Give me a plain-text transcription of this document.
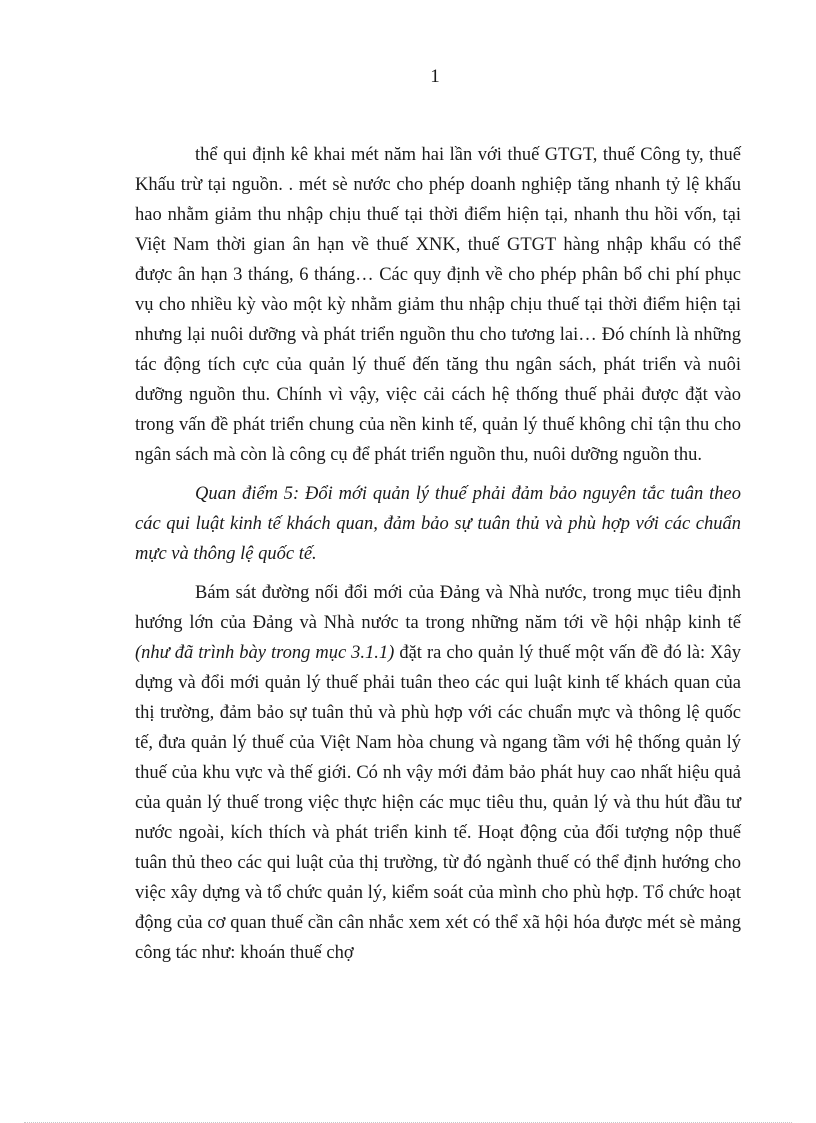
1

thể qui định kê khai mét năm hai lần với thuế GTGT, thuế Công ty, thuế Khấu trừ tại nguồn. . mét sè nước cho phép doanh nghiệp tăng nhanh tỷ lệ khấu hao nhằm giảm thu nhập chịu thuế tại thời điểm hiện tại, nhanh thu hồi vốn, tại Việt Nam thời gian ân hạn về thuế XNK, thuế GTGT hàng nhập khẩu có thể được ân hạn 3 tháng, 6 tháng… Các quy định về cho phép phân bổ chi phí phục vụ cho nhiều kỳ vào một kỳ nhằm giảm thu nhập chịu thuế tại thời điểm hiện tại nhưng lại nuôi dưỡng và phát triển nguồn thu cho tương lai… Đó chính là những tác động tích cực của quản lý thuế đến tăng thu ngân sách, phát triển và nuôi dưỡng nguồn thu. Chính vì vậy, việc cải cách hệ thống thuế phải được đặt vào trong vấn đề phát triển chung của nền kinh tế, quản lý thuế không chỉ tận thu cho ngân sách mà còn là công cụ để phát triển nguồn thu, nuôi dưỡng nguồn thu.

Quan điểm 5: Đổi mới quản lý thuế phải đảm bảo nguyên tắc tuân theo các qui luật kinh tế khách quan, đảm bảo sự tuân thủ và phù hợp với các chuẩn mực và thông lệ quốc tế.

Bám sát đường nối đổi mới của Đảng và Nhà nước, trong mục tiêu định hướng lớn của Đảng và Nhà nước ta trong những năm tới về hội nhập kinh tế (như đã trình bày trong mục 3.1.1) đặt ra cho quản lý thuế một vấn đề đó là: Xây dựng và đổi mới quản lý thuế phải tuân theo các qui luật kinh tế khách quan của thị trường, đảm bảo sự tuân thủ và phù hợp với các chuẩn mực và thông lệ quốc tế, đưa quản lý thuế của Việt Nam hòa chung và ngang tầm với hệ thống quản lý thuế của khu vực và thế giới. Có nh vậy mới đảm bảo phát huy cao nhất hiệu quả của quản lý thuế trong việc thực hiện các mục tiêu thu, quản lý và thu hút đầu tư nước ngoài, kích thích và phát triển kinh tế. Hoạt động của đối tượng nộp thuế tuân thủ theo các qui luật của thị trường, từ đó ngành thuế có thể định hướng cho việc xây dựng và tổ chức quản lý, kiểm soát của mình cho phù hợp. Tổ chức hoạt động của cơ quan thuế cần cân nhắc xem xét có thể xã hội hóa được mét sè mảng công tác như: khoán thuế chợ
